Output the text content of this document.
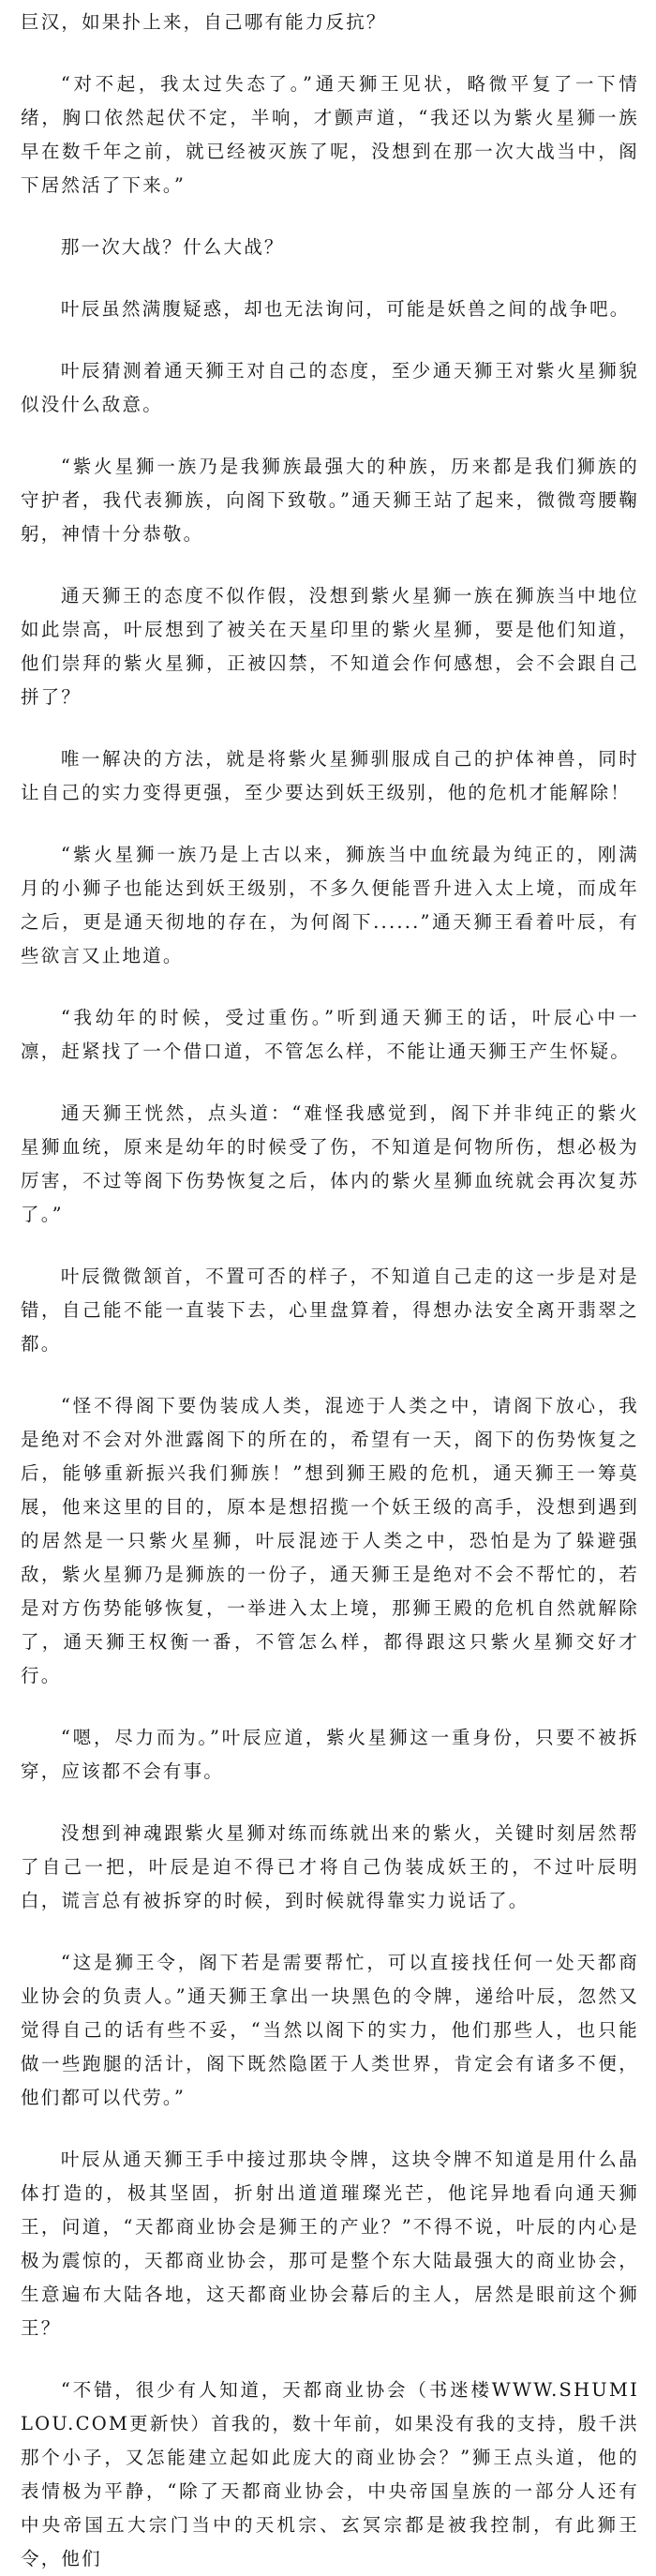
巨汉，如果扑上来，自己哪有能力反抗？

“对不起，我太过失态了。”通天狮王见状，略微平复了一下情绪，胸口依然起伏不定，半响，才颤声道，“我还以为紫火星狮一族早在数千年之前，就已经被灭族了呢，没想到在那一次大战当中，阁下居然活了下来。”

那一次大战？什么大战？

叶辰虽然满腹疑惑，却也无法询问，可能是妖兽之间的战争吧。

叶辰猜测着通天狮王对自己的态度，至少通天狮王对紫火星狮貌似没什么敌意。

“紫火星狮一族乃是我狮族最强大的种族，历来都是我们狮族的守护者，我代表狮族，向阁下致敬。”通天狮王站了起来，微微弯腰鞠躬，神情十分恭敬。

通天狮王的态度不似作假，没想到紫火星狮一族在狮族当中地位如此崇高，叶辰想到了被关在天星印里的紫火星狮，要是他们知道，他们崇拜的紫火星狮，正被囚禁，不知道会作何感想，会不会跟自己拼了？

唯一解决的方法，就是将紫火星狮驯服成自己的护体神兽，同时让自己的实力变得更强，至少要达到妖王级别，他的危机才能解除！

“紫火星狮一族乃是上古以来，狮族当中血统最为纯正的，刚满月的小狮子也能达到妖王级别，不多久便能晋升进入太上境，而成年之后，更是通天彻地的存在，为何阁下......”通天狮王看着叶辰，有些欲言又止地道。

“我幼年的时候，受过重伤。”听到通天狮王的话，叶辰心中一凛，赶紧找了一个借口道，不管怎么样，不能让通天狮王产生怀疑。

通天狮王恍然，点头道：“难怪我感觉到，阁下并非纯正的紫火星狮血统，原来是幼年的时候受了伤，不知道是何物所伤，想必极为厉害，不过等阁下伤势恢复之后，体内的紫火星狮血统就会再次复苏了。”

叶辰微微颔首，不置可否的样子，不知道自己走的这一步是对是错，自己能不能一直装下去，心里盘算着，得想办法安全离开翡翠之都。

“怪不得阁下要伪装成人类，混迹于人类之中，请阁下放心，我是绝对不会对外泄露阁下的所在的，希望有一天，阁下的伤势恢复之后，能够重新振兴我们狮族！”想到狮王殿的危机，通天狮王一筹莫展，他来这里的目的，原本是想招揽一个妖王级的高手，没想到遇到的居然是一只紫火星狮，叶辰混迹于人类之中，恐怕是为了躲避强敌，紫火星狮乃是狮族的一份子，通天狮王是绝对不会不帮忙的，若是对方伤势能够恢复，一举进入太上境，那狮王殿的危机自然就解除了，通天狮王权衡一番，不管怎么样，都得跟这只紫火星狮交好才行。

“嗯，尽力而为。”叶辰应道，紫火星狮这一重身份，只要不被拆穿，应该都不会有事。

没想到神魂跟紫火星狮对练而练就出来的紫火，关键时刻居然帮了自己一把，叶辰是迫不得已才将自己伪装成妖王的，不过叶辰明白，谎言总有被拆穿的时候，到时候就得靠实力说话了。

“这是狮王令，阁下若是需要帮忙，可以直接找任何一处天都商业协会的负责人。”通天狮王拿出一块黑色的令牌，递给叶辰，忽然又觉得自己的话有些不妥，“当然以阁下的实力，他们那些人，也只能做一些跑腿的活计，阁下既然隐匿于人类世界，肯定会有诸多不便，他们都可以代劳。”

叶辰从通天狮王手中接过那块令牌，这块令牌不知道是用什么晶体打造的，极其坚固，折射出道道璀璨光芒，他诧异地看向通天狮王，问道，“天都商业协会是狮王的产业？”不得不说，叶辰的内心是极为震惊的，天都商业协会，那可是整个东大陆最强大的商业协会，生意遍布大陆各地，这天都商业协会幕后的主人，居然是眼前这个狮王？

“不错，很少有人知道，天都商业协会（书迷楼WWW.SHUMILOU.COM更新快）首我的，数十年前，如果没有我的支持，殷千洪那个小子，又怎能建立起如此庞大的商业协会？”狮王点头道，他的表情极为平静，“除了天都商业协会，中央帝国皇族的一部分人还有中央帝国五大宗门当中的天机宗、玄冥宗都是被我控制，有此狮王令，他们
